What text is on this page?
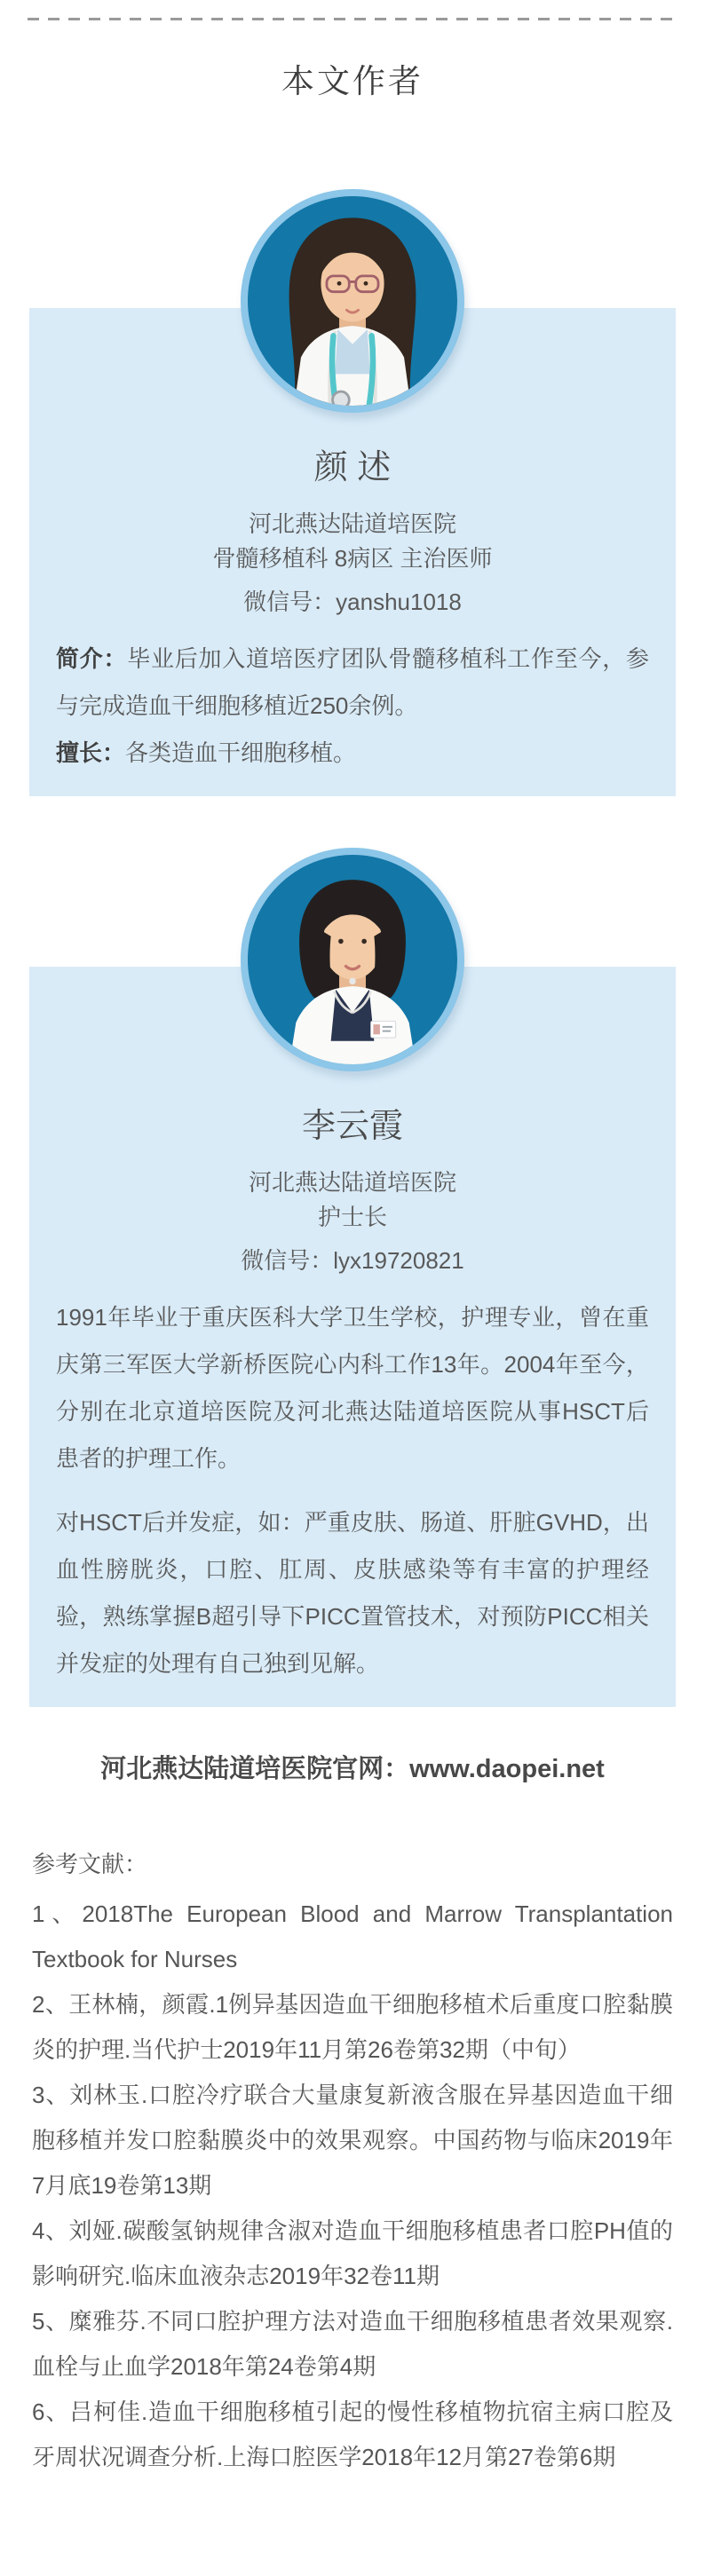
本文作者
颜 述

河北燕达陆道培医院

骨髓移植科 8病区 主治医师

微信号：yanshu1018

简介：毕业后加入道培医疗团队骨髓移植科工作至今，参与完成造血干细胞移植近250余例。

擅长：各类造血干细胞移植。

李云霞

河北燕达陆道培医院

护士长

微信号：lyx19720821

1991年毕业于重庆医科大学卫生学校，护理专业，曾在重庆第三军医大学新桥医院心内科工作13年。2004年至今，分别在北京道培医院及河北燕达陆道培医院从事HSCT后患者的护理工作。

对HSCT后并发症，如：严重皮肤、肠道、肝脏GVHD，出血性膀胱炎，口腔、肛周、皮肤感染等有丰富的护理经验，熟练掌握B超引导下PICC置管技术，对预防PICC相关并发症的处理有自己独到见解。

河北燕达陆道培医院官网：www.daopei.net

参考文献：

1、2018The European Blood and Marrow Transplantation Textbook for Nurses

2、王林楠，颜霞.1例异基因造血干细胞移植术后重度口腔黏膜炎的护理.当代护士2019年11月第26卷第32期（中旬）

3、刘林玉.口腔冷疗联合大量康复新液含服在异基因造血干细胞移植并发口腔黏膜炎中的效果观察。中国药物与临床2019年7月底19卷第13期

4、刘娅.碳酸氢钠规律含淑对造血干细胞移植患者口腔PH值的影响研究.临床血液杂志2019年32卷11期

5、糜雅芬.不同口腔护理方法对造血干细胞移植患者效果观察.血栓与止血学2018年第24卷第4期

6、吕柯佳.造血干细胞移植引起的慢性移植物抗宿主病口腔及牙周状况调查分析.上海口腔医学2018年12月第27卷第6期
